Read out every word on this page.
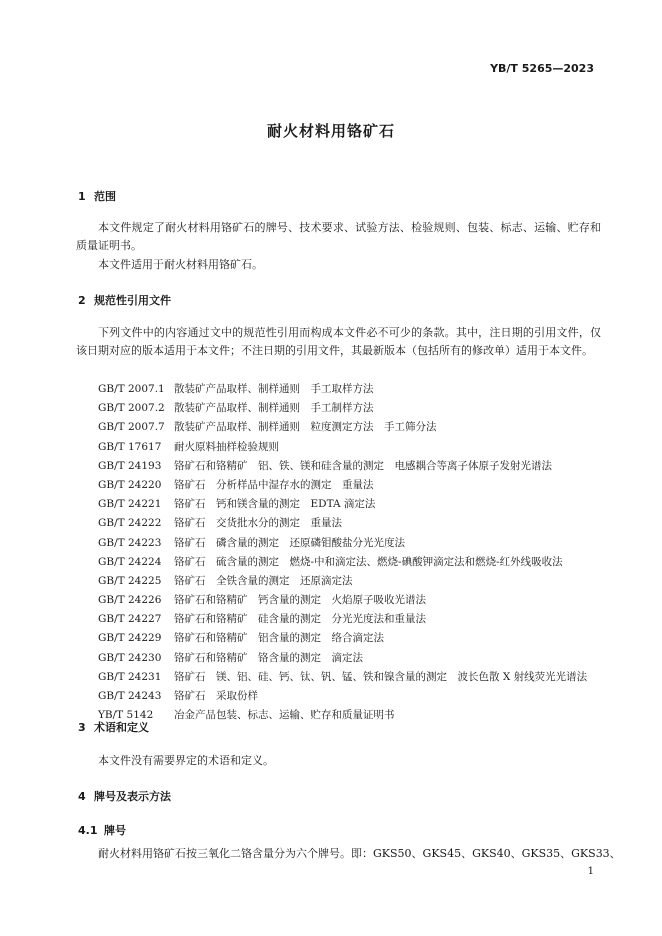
YB/T 5265—2023
耐火材料用铬矿石
1 范围
本文件规定了耐火材料用铬矿石的牌号、技术要求、试验方法、检验规则、包装、标志、运输、贮存和质量证明书。
本文件适用于耐火材料用铬矿石。
2 规范性引用文件
下列文件中的内容通过文中的规范性引用而构成本文件必不可少的条款。其中，注日期的引用文件，仅该日期对应的版本适用于本文件；不注日期的引用文件，其最新版本（包括所有的修改单）适用于本文件。
GB/T 2007.1 散装矿产品取样、制样通则　手工取样方法
GB/T 2007.2 散装矿产品取样、制样通则　手工制样方法
GB/T 2007.7 散装矿产品取样、制样通则　粒度测定方法　手工筛分法
GB/T 17617 耐火原料抽样检验规则
GB/T 24193 铬矿石和铬精矿　铝、铁、镁和硅含量的测定　电感耦合等离子体原子发射光谱法
GB/T 24220 铬矿石　分析样品中湿存水的测定　重量法
GB/T 24221 铬矿石　钙和镁含量的测定　EDTA 滴定法
GB/T 24222 铬矿石　交货批水分的测定　重量法
GB/T 24223 铬矿石　磷含量的测定　还原磷钼酸盐分光光度法
GB/T 24224 铬矿石　硫含量的测定　燃烧-中和滴定法、燃烧-碘酸钾滴定法和燃烧-红外线吸收法
GB/T 24225 铬矿石　全铁含量的测定　还原滴定法
GB/T 24226 铬矿石和铬精矿　钙含量的测定　火焰原子吸收光谱法
GB/T 24227 铬矿石和铬精矿　硅含量的测定　分光光度法和重量法
GB/T 24229 铬矿石和铬精矿　铝含量的测定　络合滴定法
GB/T 24230 铬矿石和铬精矿　铬含量的测定　滴定法
GB/T 24231 铬矿石　镁、铝、硅、钙、钛、钒、锰、铁和镍含量的测定　波长色散 X 射线荧光光谱法
GB/T 24243 铬矿石　采取份样
YB/T 5142 冶金产品包装、标志、运输、贮存和质量证明书
3 术语和定义
本文件没有需要界定的术语和定义。
4 牌号及表示方法
4.1 牌号
耐火材料用铬矿石按三氧化二铬含量分为六个牌号。即：GKS50、GKS45、GKS40、GKS35、GKS33、
1
